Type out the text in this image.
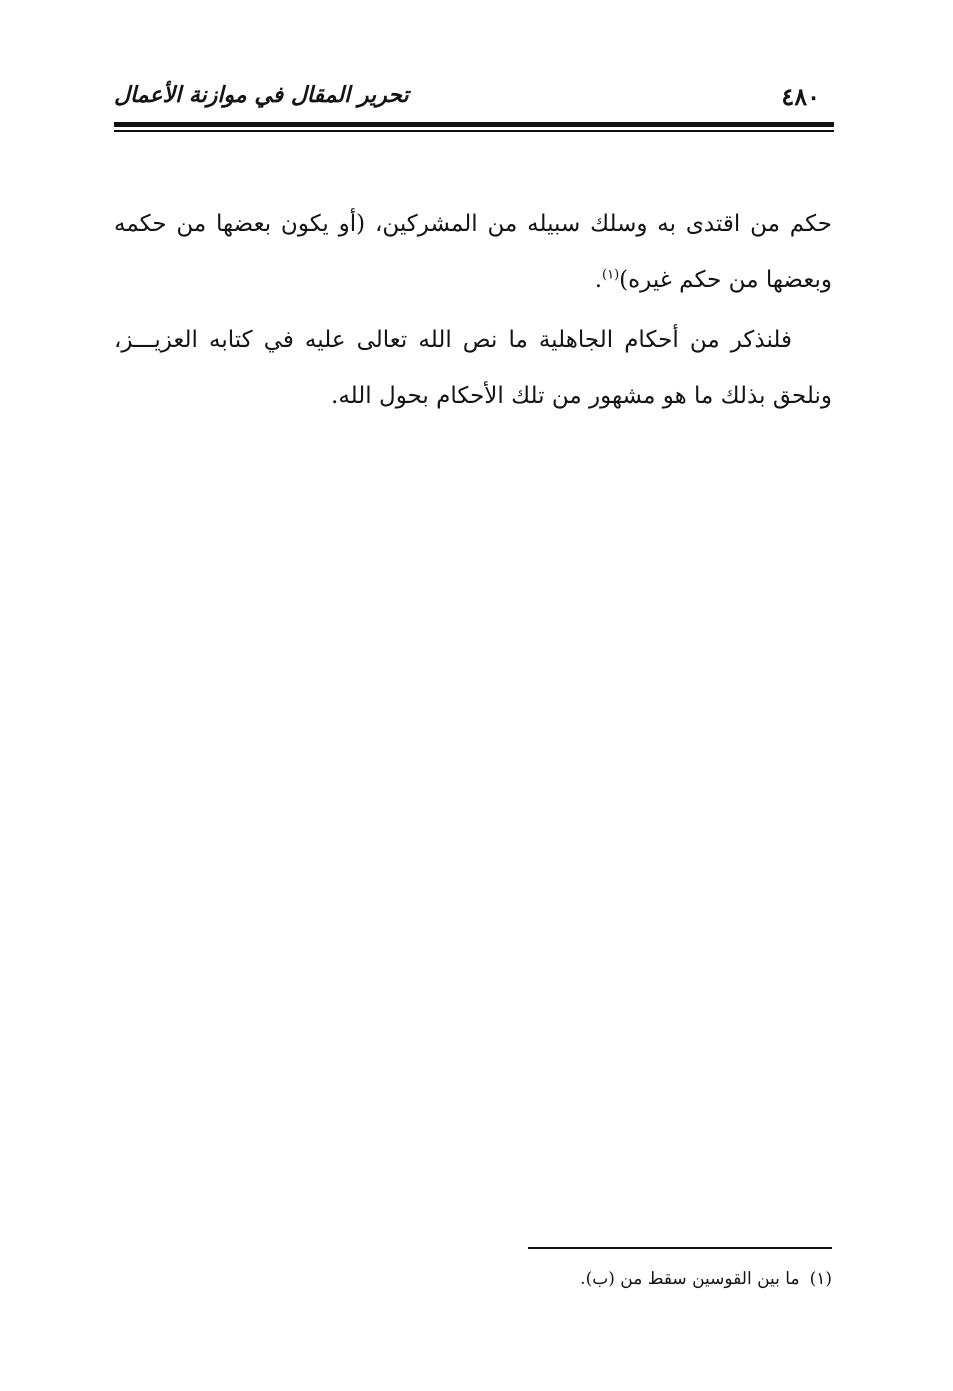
٤٨٠
تحرير المقال في موازنة الأعمال

حكم من اقتدى به وسلك سبيله من المشركين، (أو يكون بعضها من حكمه وبعضها من حكم غيره)$^{(١)}$.

فلنذكر من أحكام الجاهلية ما نص الله تعالى عليه في كتابه العزيـــز، ونلحق بذلك ما هو مشهور من تلك الأحكام بحول الله.

(١)ما بين القوسين سقط من (ب).
